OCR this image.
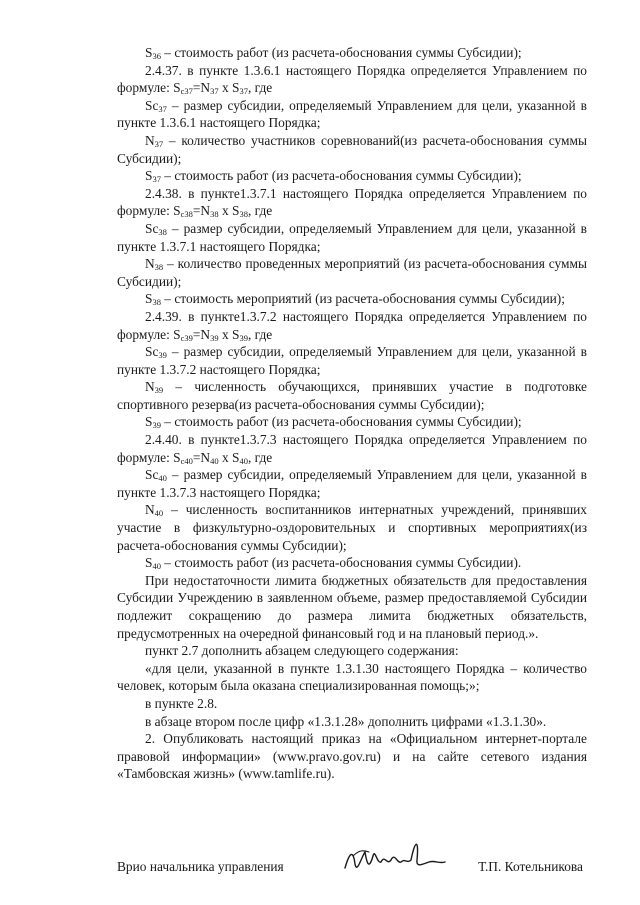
$S_{36}$ – стоимость работ (из расчета-обоснования суммы Субсидии);

2.4.37. в пункте 1.3.6.1 настоящего Порядка определяется Управлением по формуле: $S_{с37}=N_{37}$ х $S_{37}$, где

$Sс_{37}$ – размер субсидии, определяемый Управлением для цели, указанной в пункте 1.3.6.1 настоящего Порядка;

$N_{37}$ – количество участников соревнований(из расчета-обоснования суммы Субсидии);

$S_{37}$ – стоимость работ (из расчета-обоснования суммы Субсидии);

2.4.38. в пункте1.3.7.1 настоящего Порядка определяется Управлением по формуле: $S_{с38}=N_{38}$ х $S_{38}$, где

$Sс_{38}$ – размер субсидии, определяемый Управлением для цели, указанной в пункте 1.3.7.1 настоящего Порядка;

$N_{38}$ – количество проведенных мероприятий (из расчета-обоснования суммы Субсидии);

$S_{38}$ – стоимость мероприятий (из расчета-обоснования суммы Субсидии);

2.4.39. в пункте1.3.7.2 настоящего Порядка определяется Управлением по формуле: $S_{с39}=N_{39}$ х $S_{39}$, где

$Sс_{39}$ – размер субсидии, определяемый Управлением для цели, указанной в пункте 1.3.7.2 настоящего Порядка;

$N_{39}$ – численность обучающихся, принявших участие в подготовке спортивного резерва(из расчета-обоснования суммы Субсидии);

$S_{39}$ – стоимость работ (из расчета-обоснования суммы Субсидии);

2.4.40. в пункте1.3.7.3 настоящего Порядка определяется Управлением по формуле: $S_{с40}=N_{40}$ х $S_{40}$, где

$Sс_{40}$ – размер субсидии, определяемый Управлением для цели, указанной в пункте 1.3.7.3 настоящего Порядка;

$N_{40}$ – численность воспитанников интернатных учреждений, принявших участие в физкультурно-оздоровительных и спортивных мероприятиях(из расчета-обоснования суммы Субсидии);

$S_{40}$ – стоимость работ (из расчета-обоснования суммы Субсидии).

При недостаточности лимита бюджетных обязательств для предоставления Субсидии Учреждению в заявленном объеме, размер предоставляемой Субсидии подлежит сокращению до размера лимита бюджетных обязательств, предусмотренных на очередной финансовый год и на плановый период.».

пункт 2.7 дополнить абзацем следующего содержания:

«для цели, указанной в пункте 1.3.1.30 настоящего Порядка – количество человек, которым была оказана специализированная помощь;»;

в пункте 2.8.

в абзаце втором после цифр «1.3.1.28» дополнить цифрами «1.3.1.30».

2. Опубликовать настоящий приказ на «Официальном интернет-портале правовой информации» (www.pravo.gov.ru) и на сайте сетевого издания «Тамбовская жизнь» (www.tamlife.ru).

Врио начальника управления	Т.П. Котельникова
